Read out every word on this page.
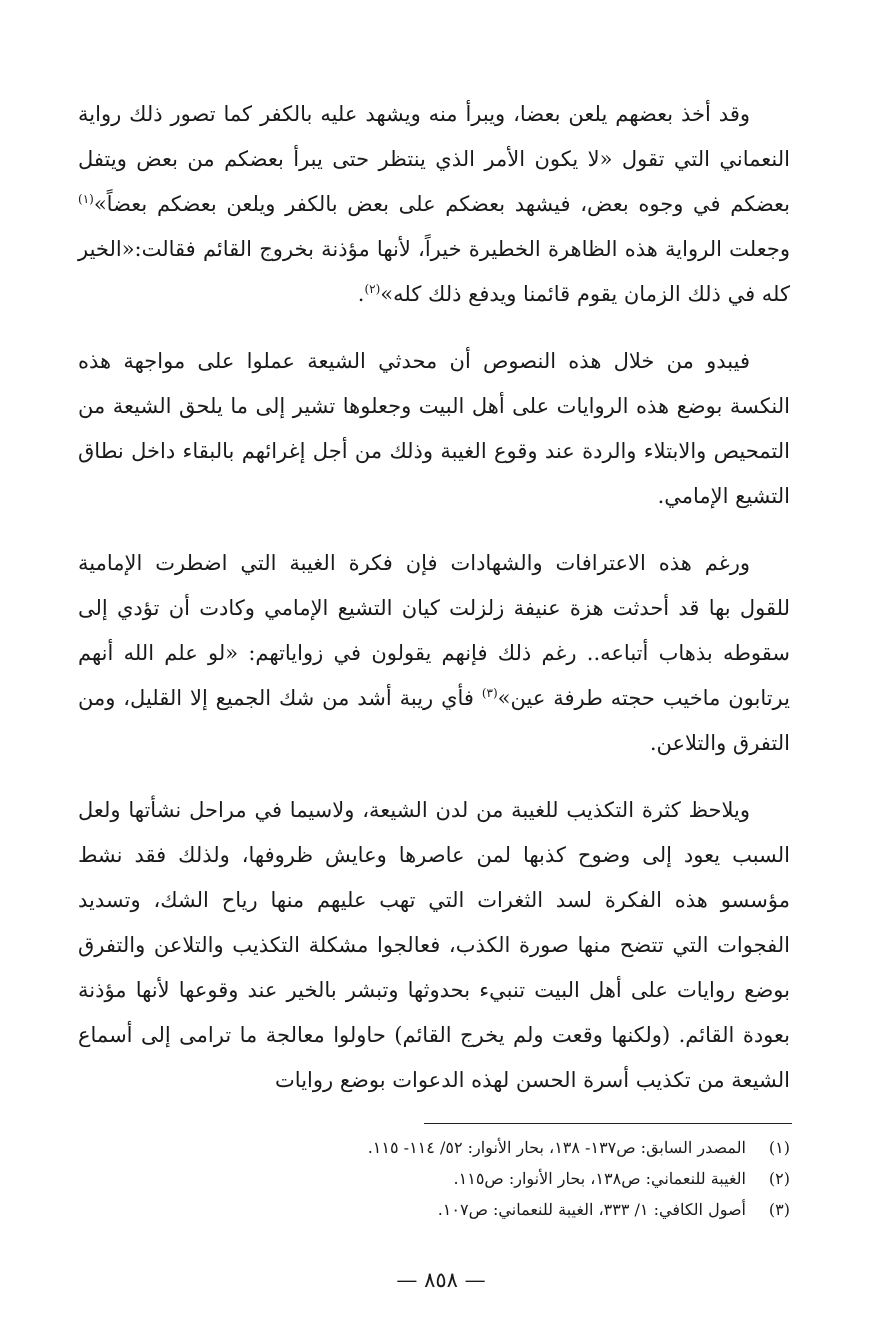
وقد أخذ بعضهم يلعن بعضا، ويبرأ منه ويشهد عليه بالكفر كما تصور ذلك رواية النعماني التي تقول «لا يكون الأمر الذي ينتظر حتى يبرأ بعضكم من بعض ويتفل بعضكم في وجوه بعض، فيشهد بعضكم على بعض بالكفر ويلعن بعضكم بعضاً»$^{(١)}$ وجعلت الرواية هذه الظاهرة الخطيرة خيراً، لأنها مؤذنة بخروج القائم فقالت:«الخير كله في ذلك الزمان يقوم قائمنا ويدفع ذلك كله»$^{(٢)}$.

فيبدو من خلال هذه النصوص أن محدثي الشيعة عملوا على مواجهة هذه النكسة بوضع هذه الروايات على أهل البيت وجعلوها تشير إلى ما يلحق الشيعة من التمحيص والابتلاء والردة عند وقوع الغيبة وذلك من أجل إغرائهم بالبقاء داخل نطاق التشيع الإمامي.

ورغم هذه الاعترافات والشهادات فإن فكرة الغيبة التي اضطرت الإمامية للقول بها قد أحدثت هزة عنيفة زلزلت كيان التشيع الإمامي وكادت أن تؤدي إلى سقوطه بذهاب أتباعه.. رغم ذلك فإنهم يقولون في زواياتهم: «لو علم الله أنهم يرتابون ماخيب حجته طرفة عين»$^{(٣)}$ فأي ريبة أشد من شك الجميع إلا القليل، ومن التفرق والتلاعن.

ويلاحظ كثرة التكذيب للغيبة من لدن الشيعة، ولاسيما في مراحل نشأتها ولعل السبب يعود إلى وضوح كذبها لمن عاصرها وعايش ظروفها، ولذلك فقد نشط مؤسسو هذه الفكرة لسد الثغرات التي تهب عليهم منها رياح الشك، وتسديد الفجوات التي تتضح منها صورة الكذب، فعالجوا مشكلة التكذيب والتلاعن والتفرق بوضع روايات على أهل البيت تنبيء بحدوثها وتبشر بالخير عند وقوعها لأنها مؤذنة بعودة القائم. (ولكنها وقعت ولم يخرج القائم) حاولوا معالجة ما ترامى إلى أسماع الشيعة من تكذيب أسرة الحسن لهذه الدعوات بوضع روايات

(١)
المصدر السابق: ص١٣٧- ١٣٨، بحار الأنوار: ٥٢/ ١١٤- ١١٥.
(٢)
الغيبة للنعماني: ص١٣٨، بحار الأنوار: ص١١٥.
(٣)
أصول الكافي: ١/ ٣٣٣، الغيبة للنعماني: ص١٠٧.
— ٨٥٨ —
